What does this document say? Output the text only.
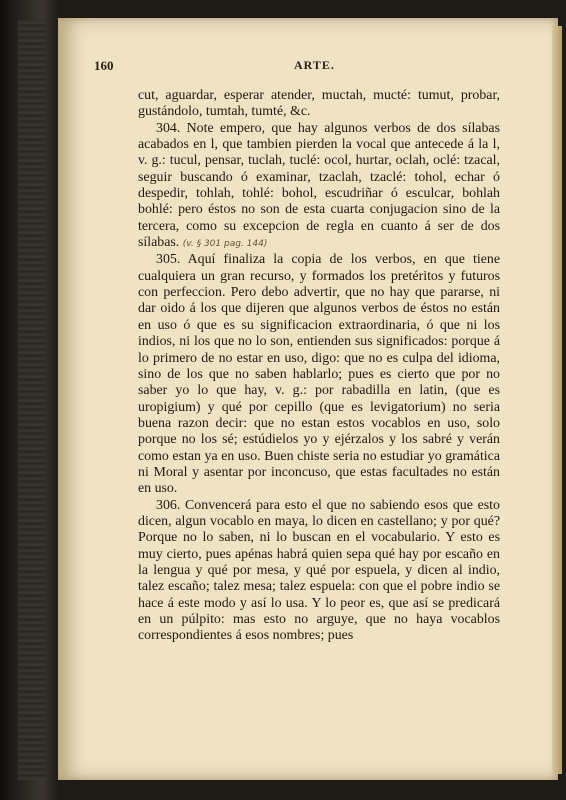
160	ARTE.

cut, aguardar, esperar atender, muctah, mucté: tumut, probar, gustándolo, tumtah, tumté, &c.

304. Note empero, que hay algunos verbos de dos sílabas acabados en l, que tambien pierden la vocal que antecede á la l, v. g.: tucul, pensar, tuclah, tuclé: ocol, hurtar, oclah, oclé: tzacal, seguir buscando ó examinar, tzaclah, tzaclé: tohol, echar ó despedir, tohlah, tohlé: bohol, escudriñar ó esculcar, bohlah bohlé: pero éstos no son de esta cuarta conjugacion sino de la tercera, como su excepcion de regla en cuanto á ser de dos sílabas. (v. § 301 pag. 144)

305. Aquí finaliza la copia de los verbos, en que tiene cualquiera un gran recurso, y formados los pretéritos y futuros con perfeccion. Pero debo advertir, que no hay que pararse, ni dar oido á los que dijeren que algunos verbos de éstos no están en uso ó que es su significacion extraordinaria, ó que ni los indios, ni los que no lo son, entienden sus significados: porque á lo primero de no estar en uso, digo: que no es culpa del idioma, sino de los que no saben hablarlo; pues es cierto que por no saber yo lo que hay, v. g.: por rabadilla en latin, (que es uropigium) y qué por cepillo (que es levigatorium) no seria buena razon decir: que no estan estos vocablos en uso, solo porque no los sé; estúdielos yo y ejérzalos y los sabré y verán como estan ya en uso. Buen chiste seria no estudiar yo gramática ni Moral y asentar por inconcuso, que estas facultades no están en uso.

306. Convencerá para esto el que no sabiendo esos que esto dicen, algun vocablo en maya, lo dicen en castellano; y por qué? Porque no lo saben, ni lo buscan en el vocabulario. Y esto es muy cierto, pues apénas habrá quien sepa qué hay por escaño en la lengua y qué por mesa, y qué por espuela, y dicen al indio, talez escaño; talez mesa; talez espuela: con que el pobre indio se hace á este modo y así lo usa. Y lo peor es, que así se predicará en un púlpito: mas esto no arguye, que no haya vocablos correspondientes á esos nombres; pues
